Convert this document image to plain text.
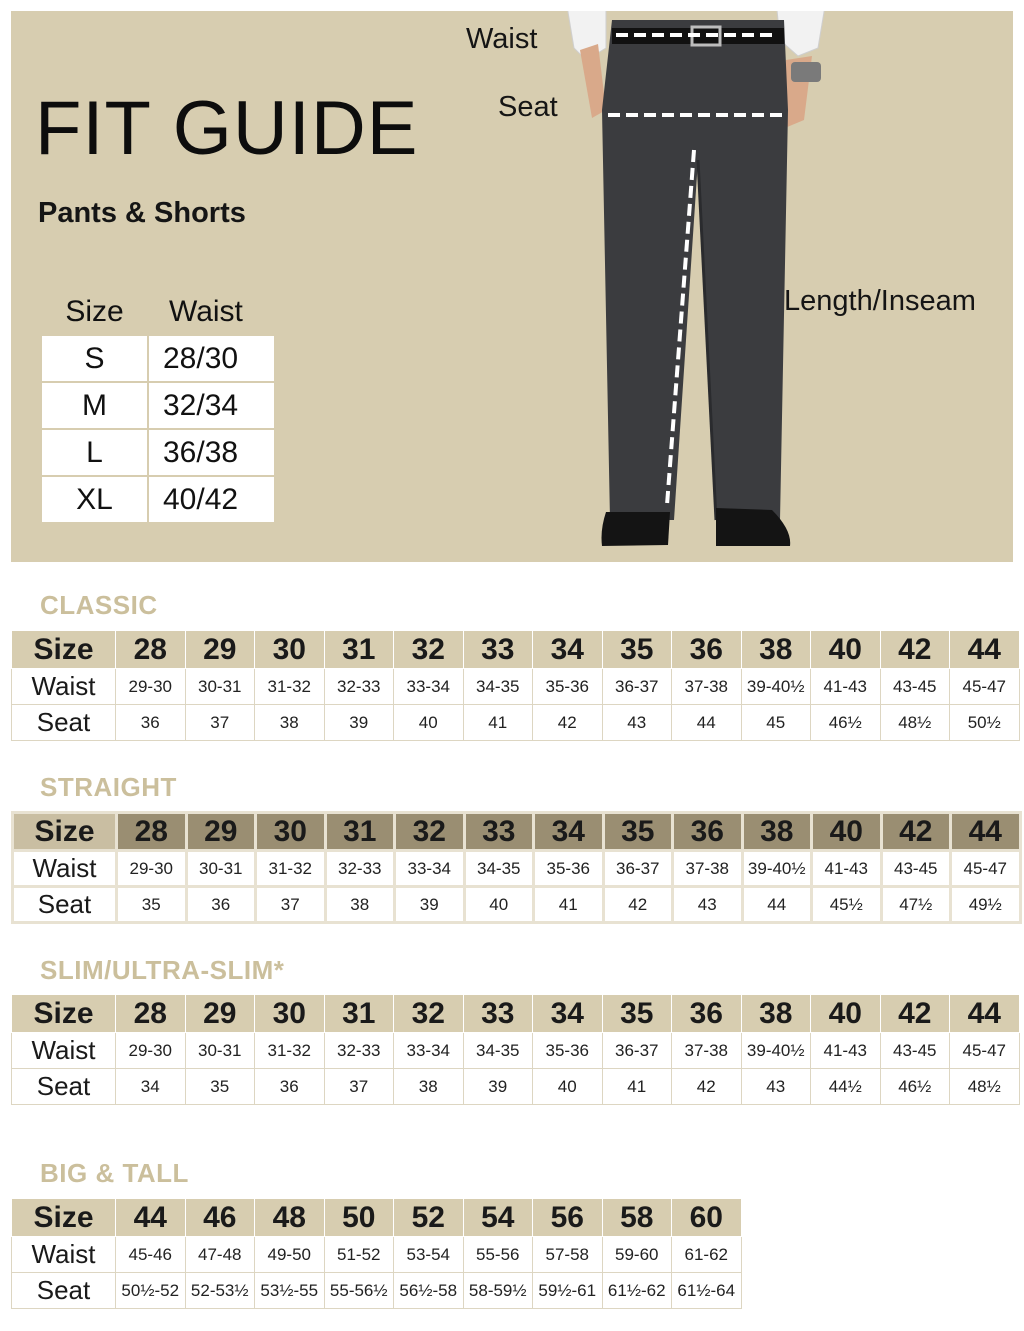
FIT GUIDE
Pants & Shorts
Size	Waist
S	28/30
M	32/34
L	36/38
XL	40/42
Waist
Seat
Length/Inseam
CLASSIC
Size	28	29	30	31	32	33	34	35	36	38	40	42	44
Waist	29-30	30-31	31-32	32-33	33-34	34-35	35-36	36-37	37-38	39-40½	41-43	43-45	45-47
Seat	36	37	38	39	40	41	42	43	44	45	46½	48½	50½
STRAIGHT
Size	28	29	30	31	32	33	34	35	36	38	40	42	44
Waist	29-30	30-31	31-32	32-33	33-34	34-35	35-36	36-37	37-38	39-40½	41-43	43-45	45-47
Seat	35	36	37	38	39	40	41	42	43	44	45½	47½	49½
SLIM/ULTRA-SLIM*
Size	28	29	30	31	32	33	34	35	36	38	40	42	44
Waist	29-30	30-31	31-32	32-33	33-34	34-35	35-36	36-37	37-38	39-40½	41-43	43-45	45-47
Seat	34	35	36	37	38	39	40	41	42	43	44½	46½	48½
BIG & TALL
Size	44	46	48	50	52	54	56	58	60
Waist	45-46	47-48	49-50	51-52	53-54	55-56	57-58	59-60	61-62
Seat	50½-52	52-53½	53½-55	55-56½	56½-58	58-59½	59½-61	61½-62	61½-64
